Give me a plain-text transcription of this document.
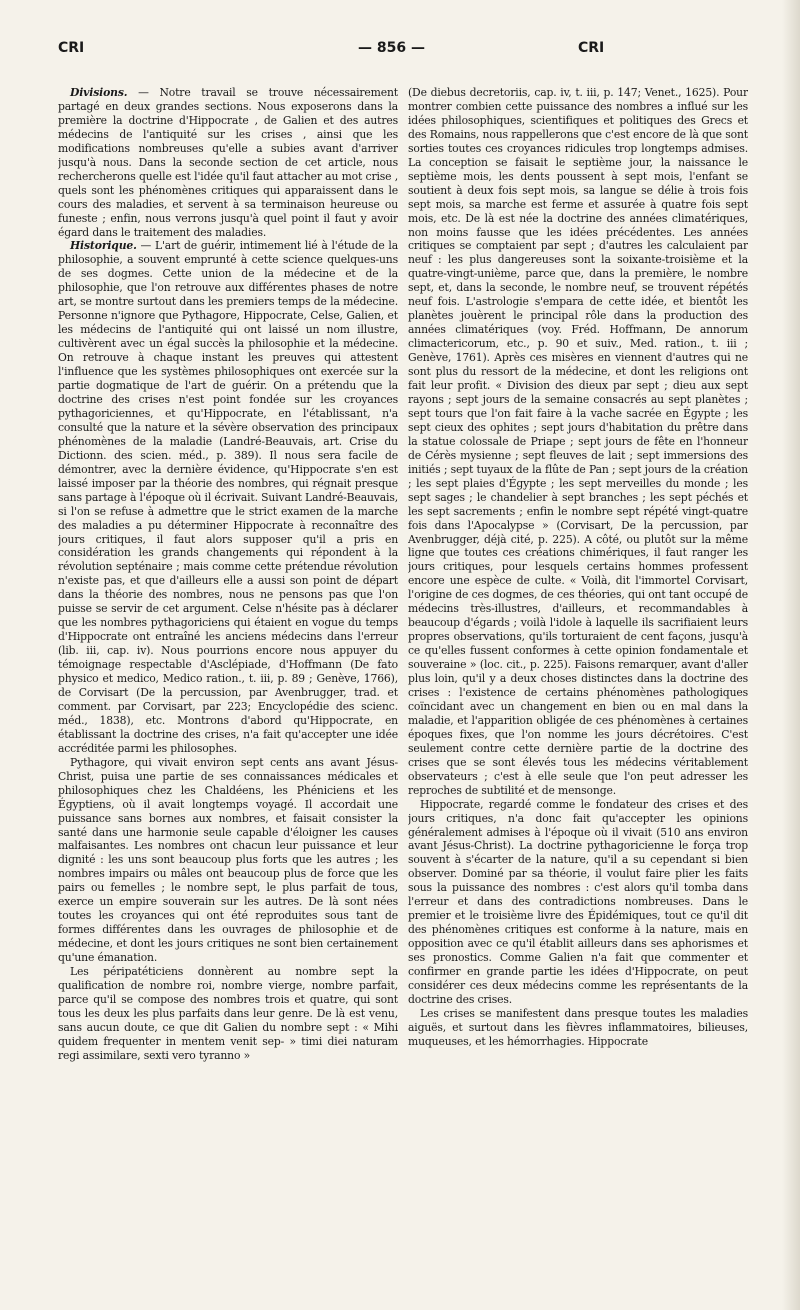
CRI	— 856 —	CRI

Divisions. — Notre travail se trouve nécessairement partagé en deux grandes sections. Nous exposerons dans la première la doctrine d'Hippocrate , de Galien et des autres médecins de l'antiquité sur les crises , ainsi que les modifications nombreuses qu'elle a subies avant d'arriver jusqu'à nous. Dans la seconde section de cet article, nous rechercherons quelle est l'idée qu'il faut attacher au mot crise , quels sont les phénomènes critiques qui apparaissent dans le cours des maladies, et servent à sa terminaison heureuse ou funeste ; enfin, nous verrons jusqu'à quel point il faut y avoir égard dans le traitement des maladies.

Historique. — L'art de guérir, intimement lié à l'étude de la philosophie, a souvent emprunté à cette science quelques-uns de ses dogmes. Cette union de la médecine et de la philosophie, que l'on retrouve aux différentes phases de notre art, se montre surtout dans les premiers temps de la médecine. Personne n'ignore que Pythagore, Hippocrate, Celse, Galien, et les médecins de l'antiquité qui ont laissé un nom illustre, cultivèrent avec un égal succès la philosophie et la médecine. On retrouve à chaque instant les preuves qui attestent l'influence que les systèmes philosophiques ont exercée sur la partie dogmatique de l'art de guérir. On a prétendu que la doctrine des crises n'est point fondée sur les croyances pythagoriciennes, et qu'Hippocrate, en l'établissant, n'a consulté que la nature et la sévère observation des principaux phénomènes de la maladie (Landré-Beauvais, art. Crise du Dictionn. des scien. méd., p. 389). Il nous sera facile de démontrer, avec la dernière évidence, qu'Hippocrate s'en est laissé imposer par la théorie des nombres, qui régnait presque sans partage à l'époque où il écrivait. Suivant Landré-Beauvais, si l'on se refuse à admettre que le strict examen de la marche des maladies a pu déterminer Hippocrate à reconnaître des jours critiques, il faut alors supposer qu'il a pris en considération les grands changements qui répondent à la révolution septénaire ; mais comme cette prétendue révolution n'existe pas, et que d'ailleurs elle a aussi son point de départ dans la théorie des nombres, nous ne pensons pas que l'on puisse se servir de cet argument. Celse n'hésite pas à déclarer que les nombres pythagoriciens qui étaient en vogue du temps d'Hippocrate ont entraîné les anciens médecins dans l'erreur (lib. iii, cap. iv). Nous pourrions encore nous appuyer du témoignage respectable d'Asclépiade, d'Hoffmann (De fato physico et medico, Medico ration., t. iii, p. 89 ; Genève, 1766), de Corvisart (De la percussion, par Avenbrugger, trad. et comment. par Corvisart, par 223; Encyclopédie des scienc. méd., 1838), etc. Montrons d'abord qu'Hippocrate, en établissant la doctrine des crises, n'a fait qu'accepter une idée accréditée parmi les philosophes.

Pythagore, qui vivait environ sept cents ans avant Jésus-Christ, puisa une partie de ses connaissances médicales et philosophiques chez les Chaldéens, les Phéniciens et les Égyptiens, où il avait longtemps voyagé. Il accordait une puissance sans bornes aux nombres, et faisait consister la santé dans une harmonie seule capable d'éloigner les causes malfaisantes. Les nombres ont chacun leur puissance et leur dignité : les uns sont beaucoup plus forts que les autres ; les nombres impairs ou mâles ont beaucoup plus de force que les pairs ou femelles ; le nombre sept, le plus parfait de tous, exerce un empire souverain sur les autres. De là sont nées toutes les croyances qui ont été reproduites sous tant de formes différentes dans les ouvrages de philosophie et de médecine, et dont les jours critiques ne sont bien certainement qu'une émanation.

Les péripatéticiens donnèrent au nombre sept la qualification de nombre roi, nombre vierge, nombre parfait, parce qu'il se compose des nombres trois et quatre, qui sont tous les deux les plus parfaits dans leur genre. De là est venu, sans aucun doute, ce que dit Galien du nombre sept : « Mihi quidem frequenter in mentem venit sep- » timi diei naturam regi assimilare, sexti vero tyranno »

(De diebus decretoriis, cap. iv, t. iii, p. 147; Venet., 1625). Pour montrer combien cette puissance des nombres a influé sur les idées philosophiques, scientifiques et politiques des Grecs et des Romains, nous rappellerons que c'est encore de là que sont sorties toutes ces croyances ridicules trop longtemps admises. La conception se faisait le septième jour, la naissance le septième mois, les dents poussent à sept mois, l'enfant se soutient à deux fois sept mois, sa langue se délie à trois fois sept mois, sa marche est ferme et assurée à quatre fois sept mois, etc. De là est née la doctrine des années climatériques, non moins fausse que les idées précédentes. Les années critiques se comptaient par sept ; d'autres les calculaient par neuf : les plus dangereuses sont la soixante-troisième et la quatre-vingt-unième, parce que, dans la première, le nombre sept, et, dans la seconde, le nombre neuf, se trouvent répétés neuf fois. L'astrologie s'empara de cette idée, et bientôt les planètes jouèrent le principal rôle dans la production des années climatériques (voy. Fréd. Hoffmann, De annorum climactericorum, etc., p. 90 et suiv., Med. ration., t. iii ; Genève, 1761). Après ces misères en viennent d'autres qui ne sont plus du ressort de la médecine, et dont les religions ont fait leur profit. « Division des dieux par sept ; dieu aux sept rayons ; sept jours de la semaine consacrés au sept planètes ; sept tours que l'on fait faire à la vache sacrée en Égypte ; les sept cieux des ophites ; sept jours d'habitation du prêtre dans la statue colossale de Priape ; sept jours de fête en l'honneur de Cérès mysienne ; sept fleuves de lait ; sept immersions des initiés ; sept tuyaux de la flûte de Pan ; sept jours de la création ; les sept plaies d'Égypte ; les sept merveilles du monde ; les sept sages ; le chandelier à sept branches ; les sept péchés et les sept sacrements ; enfin le nombre sept répété vingt-quatre fois dans l'Apocalypse » (Corvisart, De la percussion, par Avenbrugger, déjà cité, p. 225). A côté, ou plutôt sur la même ligne que toutes ces créations chimériques, il faut ranger les jours critiques, pour lesquels certains hommes professent encore une espèce de culte. « Voilà, dit l'immortel Corvisart, l'origine de ces dogmes, de ces théories, qui ont tant occupé de médecins très-illustres, d'ailleurs, et recommandables à beaucoup d'égards ; voilà l'idole à laquelle ils sacrifiaient leurs propres observations, qu'ils torturaient de cent façons, jusqu'à ce qu'elles fussent conformes à cette opinion fondamentale et souveraine » (loc. cit., p. 225). Faisons remarquer, avant d'aller plus loin, qu'il y a deux choses distinctes dans la doctrine des crises : l'existence de certains phénomènes pathologiques coïncidant avec un changement en bien ou en mal dans la maladie, et l'apparition obligée de ces phénomènes à certaines époques fixes, que l'on nomme les jours décrétoires. C'est seulement contre cette dernière partie de la doctrine des crises que se sont élevés tous les médecins véritablement observateurs ; c'est à elle seule que l'on peut adresser les reproches de subtilité et de mensonge.

Hippocrate, regardé comme le fondateur des crises et des jours critiques, n'a donc fait qu'accepter les opinions généralement admises à l'époque où il vivait (510 ans environ avant Jésus-Christ). La doctrine pythagoricienne le força trop souvent à s'écarter de la nature, qu'il a su cependant si bien observer. Dominé par sa théorie, il voulut faire plier les faits sous la puissance des nombres : c'est alors qu'il tomba dans l'erreur et dans des contradictions nombreuses. Dans le premier et le troisième livre des Épidémiques, tout ce qu'il dit des phénomènes critiques est conforme à la nature, mais en opposition avec ce qu'il établit ailleurs dans ses aphorismes et ses pronostics. Comme Galien n'a fait que commenter et confirmer en grande partie les idées d'Hippocrate, on peut considérer ces deux médecins comme les représentants de la doctrine des crises.

Les crises se manifestent dans presque toutes les maladies aiguës, et surtout dans les fièvres inflammatoires, bilieuses, muqueuses, et les hémorrhagies. Hippocrate
